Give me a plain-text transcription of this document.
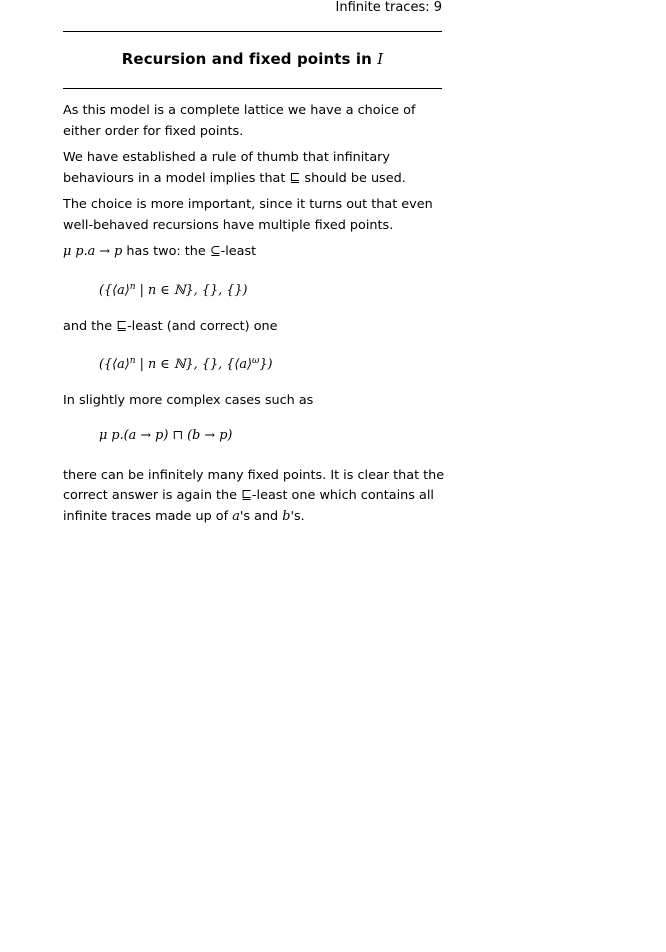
Infinite traces: 9
Recursion and fixed points in I

As this model is a complete lattice we have a choice of either order for fixed points.

We have established a rule of thumb that infinitary behaviours in a model implies that ⊑ should be used.

The choice is more important, since it turns out that even well-behaved recursions have multiple fixed points.

μ p.a → p has two: the ⊆-least

({⟨a⟩$^n$ | n ∈ ℕ}, {}, {})

and the ⊑-least (and correct) one

({⟨a⟩$^n$ | n ∈ ℕ}, {}, {⟨a⟩$^\omega$})

In slightly more complex cases such as

μ p.(a → p) ⊓ (b → p)

there can be infinitely many fixed points. It is clear that the correct answer is again the ⊑-least one which contains all infinite traces made up of a's and b's.
